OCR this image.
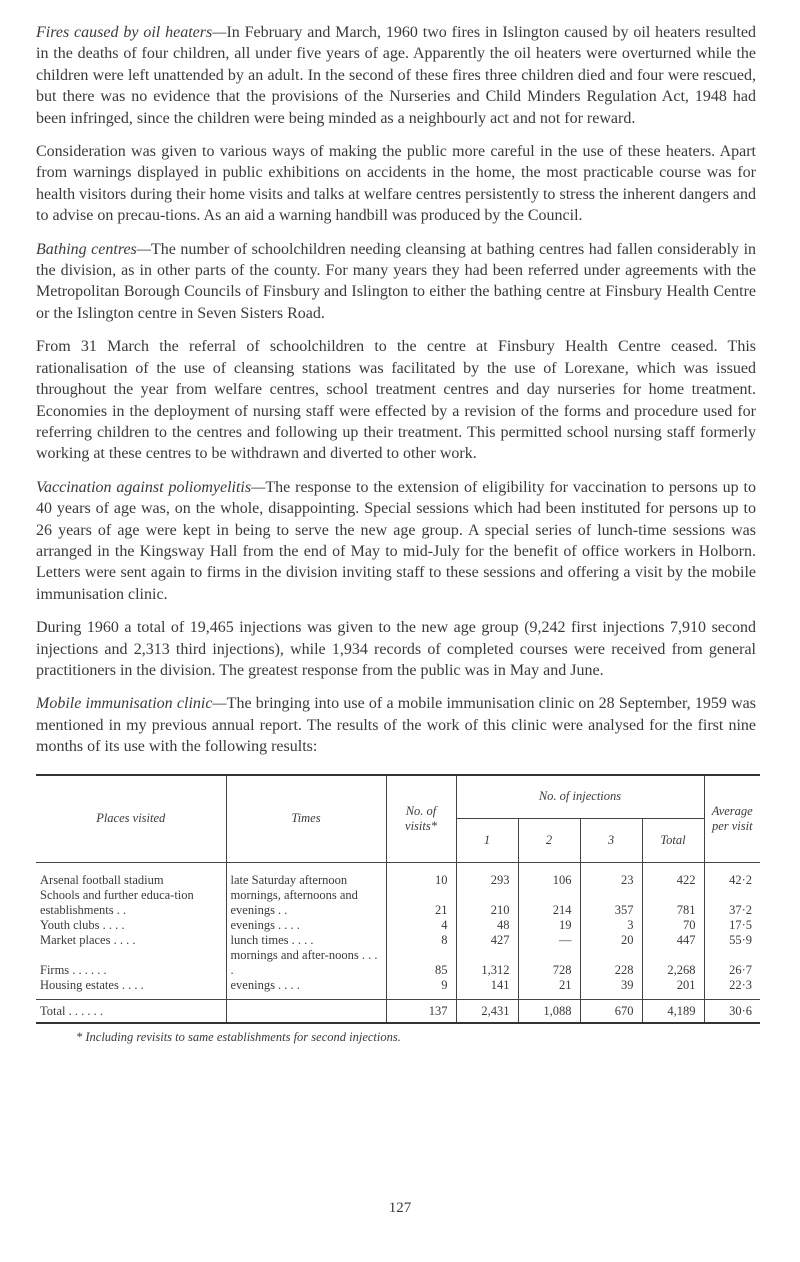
Fires caused by oil heaters—In February and March, 1960 two fires in Islington caused by oil heaters resulted in the deaths of four children, all under five years of age. Apparently the oil heaters were overturned while the children were left unattended by an adult. In the second of these fires three children died and four were rescued, but there was no evidence that the provisions of the Nurseries and Child Minders Regulation Act, 1948 had been infringed, since the children were being minded as a neighbourly act and not for reward.

Consideration was given to various ways of making the public more careful in the use of these heaters. Apart from warnings displayed in public exhibitions on accidents in the home, the most practicable course was for health visitors during their home visits and talks at welfare centres persistently to stress the inherent dangers and to advise on precau-tions. As an aid a warning handbill was produced by the Council.

Bathing centres—The number of schoolchildren needing cleansing at bathing centres had fallen considerably in the division, as in other parts of the county. For many years they had been referred under agreements with the Metropolitan Borough Councils of Finsbury and Islington to either the bathing centre at Finsbury Health Centre or the Islington centre in Seven Sisters Road.

From 31 March the referral of schoolchildren to the centre at Finsbury Health Centre ceased. This rationalisation of the use of cleansing stations was facilitated by the use of Lorexane, which was issued throughout the year from welfare centres, school treatment centres and day nurseries for home treatment. Economies in the deployment of nursing staff were effected by a revision of the forms and procedure used for referring children to the centres and following up their treatment. This permitted school nursing staff formerly working at these centres to be withdrawn and diverted to other work.

Vaccination against poliomyelitis—The response to the extension of eligibility for vaccination to persons up to 40 years of age was, on the whole, disappointing. Special sessions which had been instituted for persons up to 26 years of age were kept in being to serve the new age group. A special series of lunch-time sessions was arranged in the Kingsway Hall from the end of May to mid-July for the benefit of office workers in Holborn. Letters were sent again to firms in the division inviting staff to these sessions and offering a visit by the mobile immunisation clinic.

During 1960 a total of 19,465 injections was given to the new age group (9,242 first injections 7,910 second injections and 2,313 third injections), while 1,934 records of completed courses were received from general practitioners in the division. The greatest response from the public was in May and June.

Mobile immunisation clinic—The bringing into use of a mobile immunisation clinic on 28 September, 1959 was mentioned in my previous annual report. The results of the work of this clinic were analysed for the first nine months of its use with the following results:

Places visited	Times	No. of visits*	No. of injections				Average per visit
			1	2	3	Total	
Arsenal football stadium	late Saturday afternoon	10	293	106	23	422	42·2
Schools and further educa-tion establishments . .	mornings, afternoons and evenings . .	21	210	214	357	781	37·2
Youth clubs . . . .	evenings . . . .	4	48	19	3	70	17·5
Market places . . . .	lunch times . . . .	8	427	—	20	447	55·9
Firms . . . . . .	mornings and after-noons . . . .	85	1,312	728	228	2,268	26·7
Housing estates . . . .	evenings . . . .	9	141	21	39	201	22·3
Total . . . . . .		137	2,431	1,088	670	4,189	30·6
* Including revisits to same establishments for second injections.
127
